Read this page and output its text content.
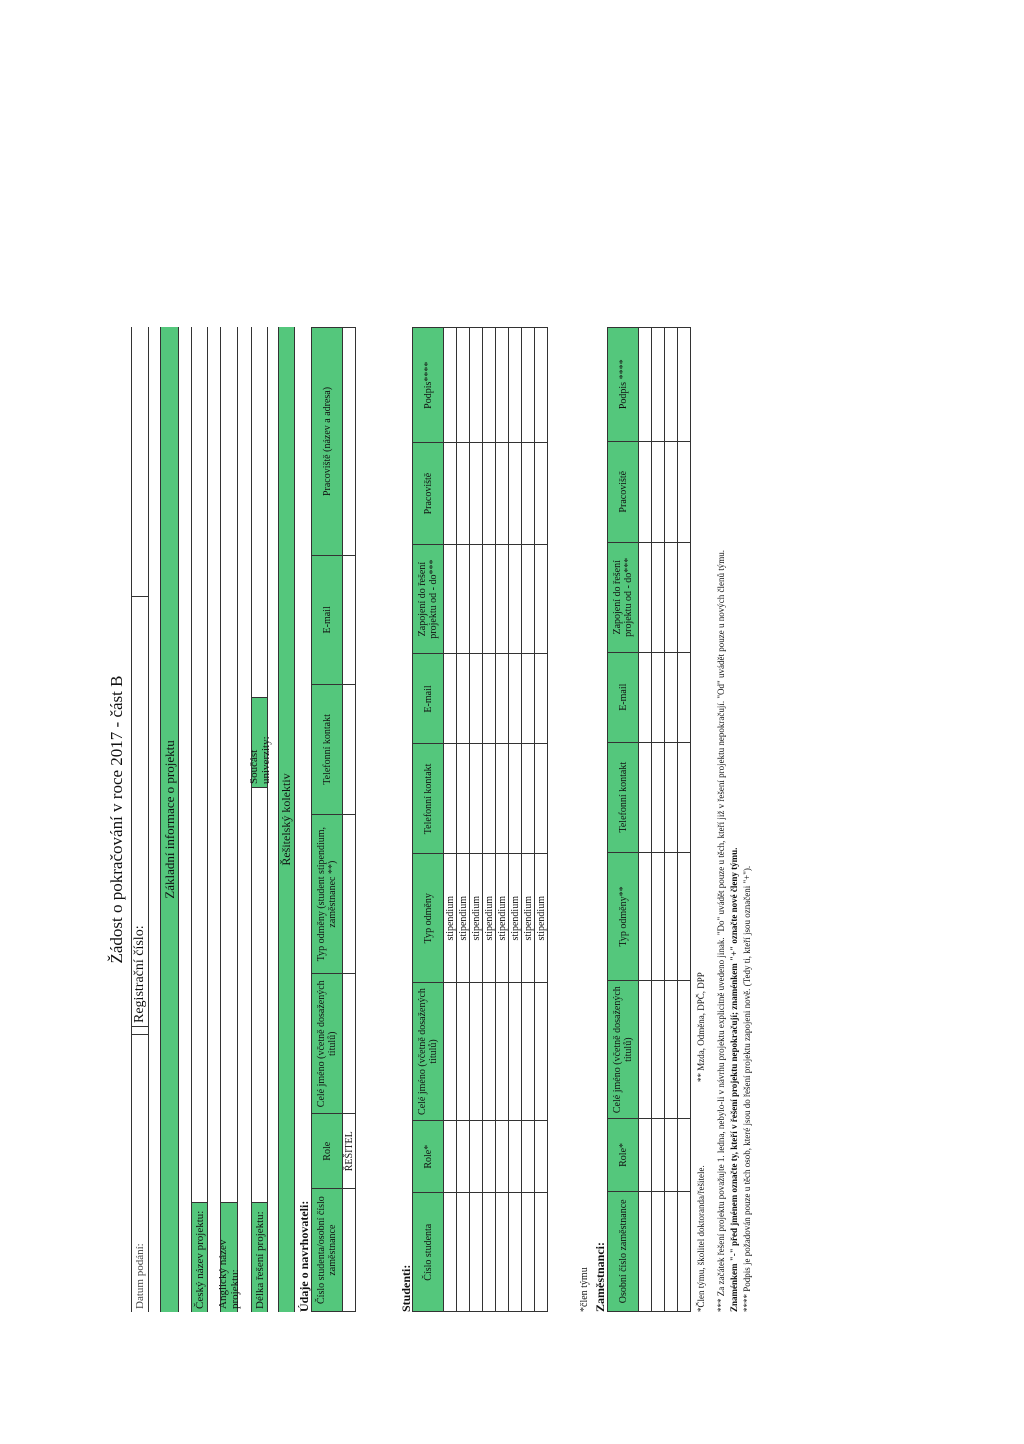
Žádost o pokračování v roce 2017 - část B
Datum podání:
Registrační číslo:
Základní informace o projektu
Český název projektu: Anglický název projektu: Délka řešení projektu:
Součást univerzity:
Řešitelský kolektiv
Údaje o navrhovateli: Číslo studenta/osobní číslo zaměstnance	Role	Celé jméno (včetně dosažených titulů)	Typ odměny (student stipendium, zaměstnanec **)	Telefonní kontakt	E-mail	Pracoviště (název a adresa)
	ŘEŠITEL					
Studenti:
Číslo studenta	Role*	Celé jméno (včetně dosažených titulů)	Typ odměny	Telefonní kontakt	E-mail	Zapojení do řešení projektu od - do***	Pracoviště	Podpis****
			stipendium					
			stipendium					
			stipendium					
			stipendium					
			stipendium					
			stipendium					
			stipendium					
			stipendium					
*člen týmu Zaměstnanci: Osobní číslo zaměstnance	Role*	Celé jméno (včetně dosažených titulů)	Typ odměny**	Telefonní kontakt	E-mail	Zapojení do řešení projektu od - do***	Pracoviště	Podpis ****

*Člen týmu, školitel doktoranda/řešitele.
** Mzda, Odměna, DPČ, DPP *** Za začátek řešení projektu považujte 1. ledna, nebylo-li v návrhu projektu explicitně uvedeno jinak. "Do" uvádět pouze u těch, kteří již v řešení projektu nepokračují. "Od" uvádět pouze u nových členů týmu. Znaménkem "-" před jménem označte ty, kteří v řešení projektu nepokračují; znaménkem "+" označte nové členy týmu. **** Podpis je požadován pouze u těch osob, které jsou do řešení projektu zapojeni nově. (Tedy ti, kteří jsou označeni "+").
